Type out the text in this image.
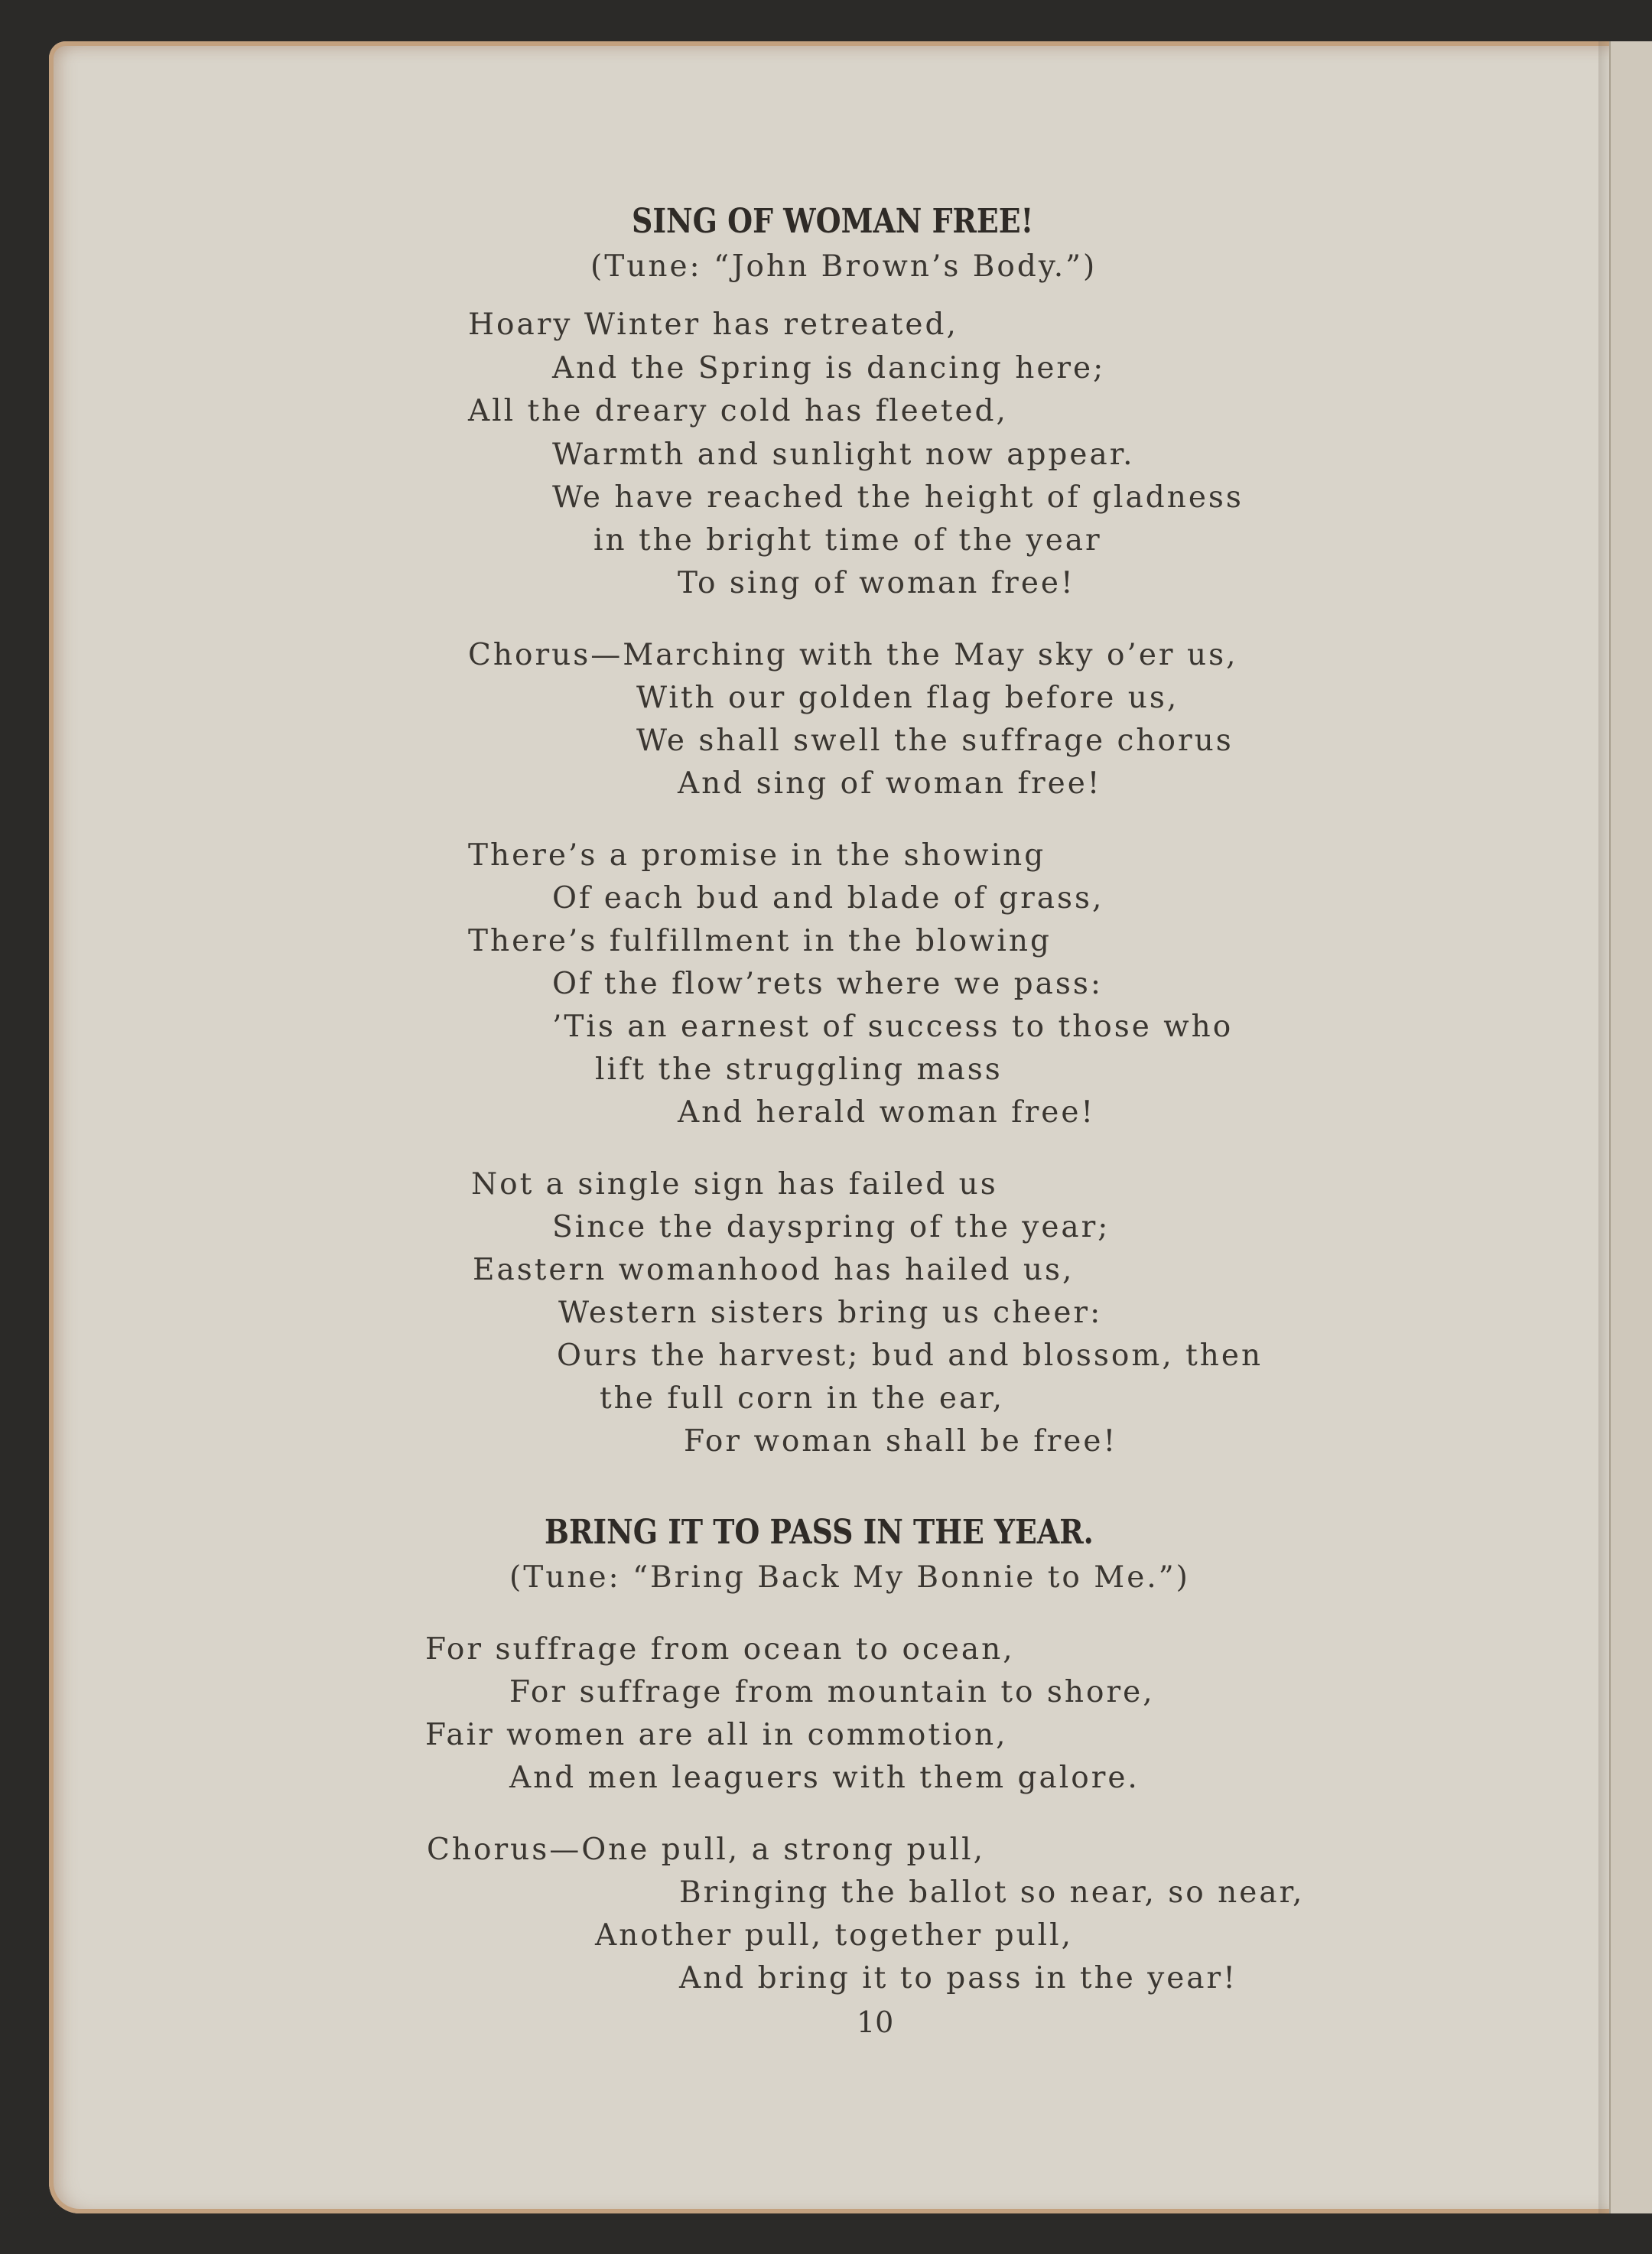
SING OF WOMAN FREE!
(Tune: “John Brown’s Body.”)
Hoary Winter has retreated,
And the Spring is dancing here;
All the dreary cold has fleeted,
Warmth and sunlight now appear.
We have reached the height of gladness
in the bright time of the year
To sing of woman free!
Chorus—Marching with the May sky o’er us,
With our golden flag before us,
We shall swell the suffrage chorus
And sing of woman free!
There’s a promise in the showing
Of each bud and blade of grass,
There’s fulfillment in the blowing
Of the flow’rets where we pass:
’Tis an earnest of success to those who
lift the struggling mass
And herald woman free!
Not a single sign has failed us
Since the dayspring of the year;
Eastern womanhood has hailed us,
Western sisters bring us cheer:
Ours the harvest; bud and blossom, then
the full corn in the ear,
For woman shall be free!
BRING IT TO PASS IN THE YEAR.
(Tune: “Bring Back My Bonnie to Me.”)
For suffrage from ocean to ocean,
For suffrage from mountain to shore,
Fair women are all in commotion,
And men leaguers with them galore.
Chorus—One pull, a strong pull,
Bringing the ballot so near, so near,
Another pull, together pull,
And bring it to pass in the year!
10
